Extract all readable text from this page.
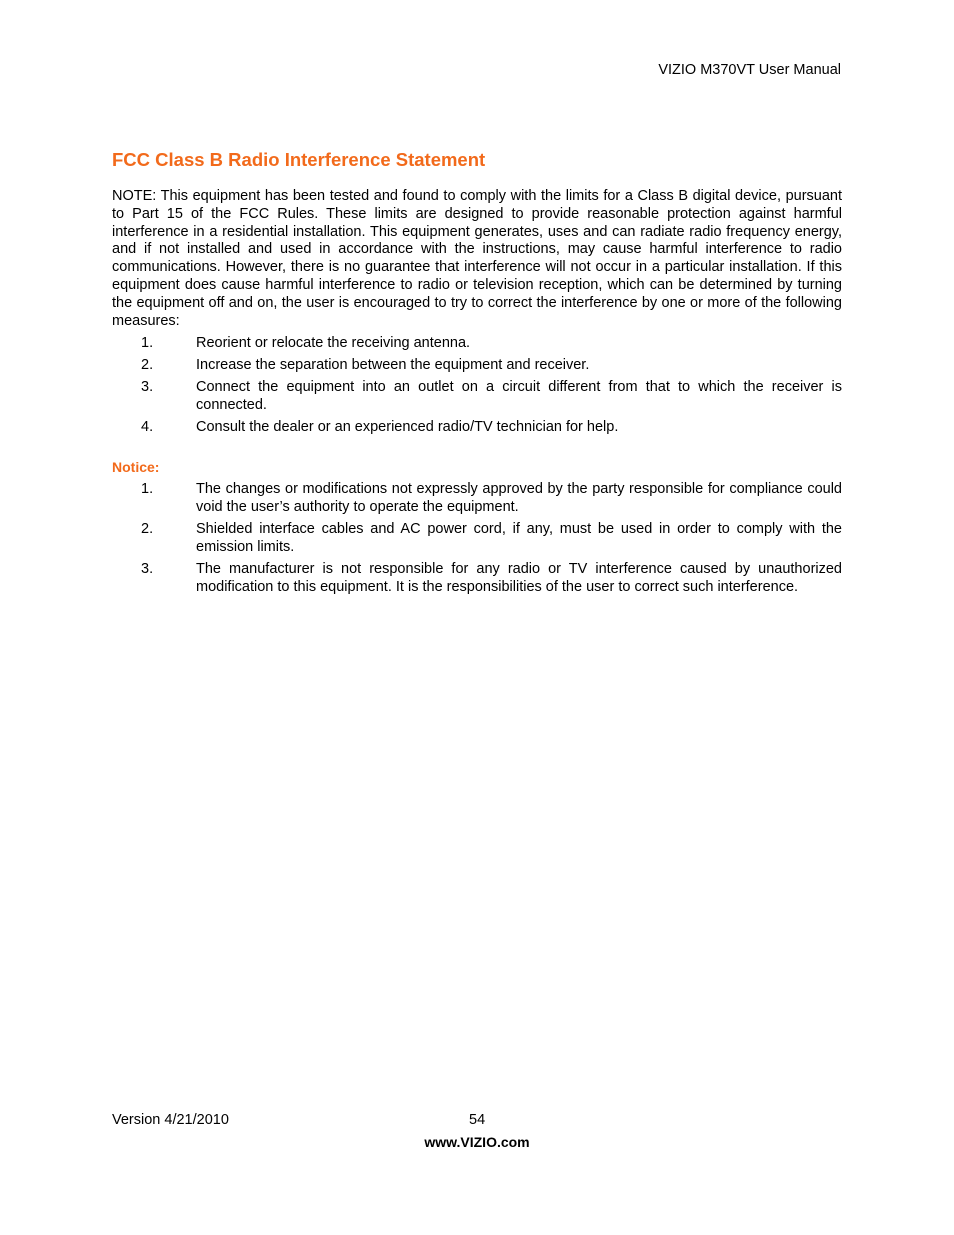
VIZIO M370VT User Manual
FCC Class B Radio Interference Statement

NOTE: This equipment has been tested and found to comply with the limits for a Class B digital device, pursuant to Part 15 of the FCC Rules. These limits are designed to provide reasonable protection against harmful interference in a residential installation. This equipment generates, uses and can radiate radio frequency energy, and if not installed and used in accordance with the instructions, may cause harmful interference to radio communications. However, there is no guarantee that interference will not occur in a particular installation. If this equipment does cause harmful interference to radio or television reception, which can be determined by turning the equipment off and on, the user is encouraged to try to correct the interference by one or more of the following measures:

1.	Reorient or relocate the receiving antenna.
2.	Increase the separation between the equipment and receiver.
3.	Connect the equipment into an outlet on a circuit different from that to which the receiver is connected.
4.	Consult the dealer or an experienced radio/TV technician for help.
Notice:
1.	The changes or modifications not expressly approved by the party responsible for compliance could void the user’s authority to operate the equipment.
2.	Shielded interface cables and AC power cord, if any, must be used in order to comply with the emission limits.
3.	The manufacturer is not responsible for any radio or TV interference caused by unauthorized modification to this equipment. It is the responsibilities of the user to correct such interference.
Version 4/21/2010	54
www.VIZIO.com
